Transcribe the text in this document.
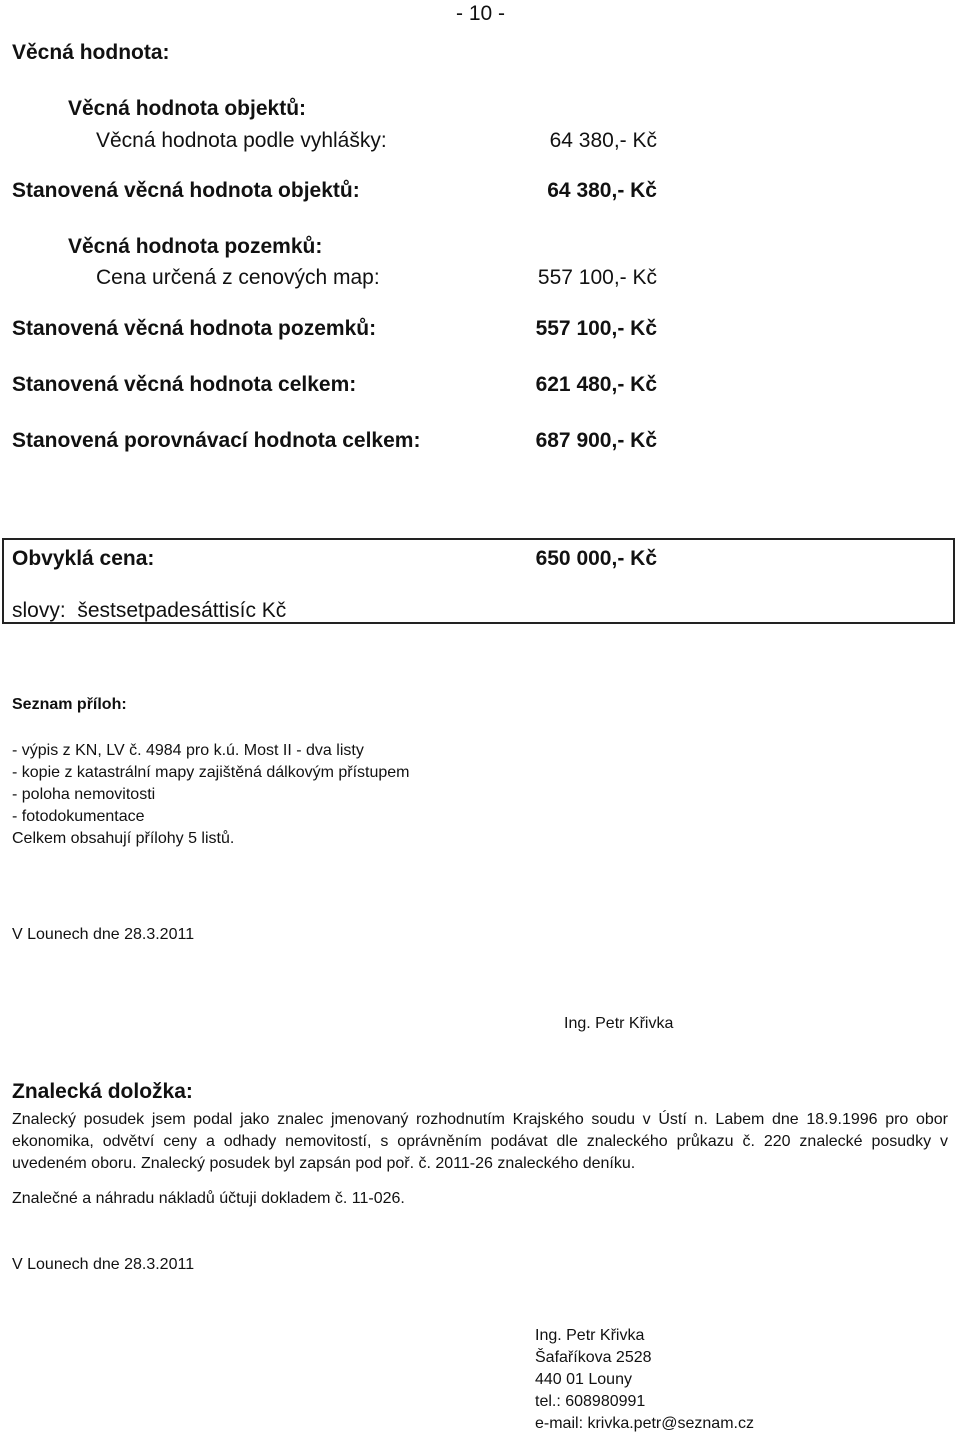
- 10 -
Věcná hodnota:
Věcná hodnota objektů:
Věcná hodnota podle vyhlášky:	64 380,- Kč
Stanovená věcná hodnota objektů:	64 380,- Kč
Věcná hodnota pozemků:
Cena určená z cenových map:	557 100,- Kč
Stanovená věcná hodnota pozemků:	557 100,- Kč
Stanovená věcná hodnota celkem:	621 480,- Kč
Stanovená porovnávací hodnota celkem:	687 900,- Kč
Obvyklá cena:	650 000,- Kč
slovy: šestsetpadesáttisíc Kč
Seznam příloh:
- výpis z KN, LV č. 4984 pro k.ú. Most II - dva listy
- kopie z katastrální mapy zajištěná dálkovým přístupem
- poloha nemovitosti
- fotodokumentace
Celkem obsahují přílohy 5 listů.
V Lounech dne 28.3.2011
Ing. Petr Křivka
Znalecká doložka:
Znalecký posudek jsem podal jako znalec jmenovaný rozhodnutím Krajského soudu v Ústí n. Labem dne 18.9.1996 pro obor ekonomika, odvětví ceny a odhady nemovitostí, s oprávněním podávat dle znaleckého průkazu č. 220 znalecké posudky v uvedeném oboru. Znalecký posudek byl zapsán pod poř. č. 2011-26 znaleckého deníku.
Znalečné a náhradu nákladů účtuji dokladem č. 11-026.
V Lounech dne 28.3.2011
Ing. Petr Křivka
Šafaříkova 2528
440 01 Louny
tel.: 608980991
e-mail: krivka.petr@seznam.cz
